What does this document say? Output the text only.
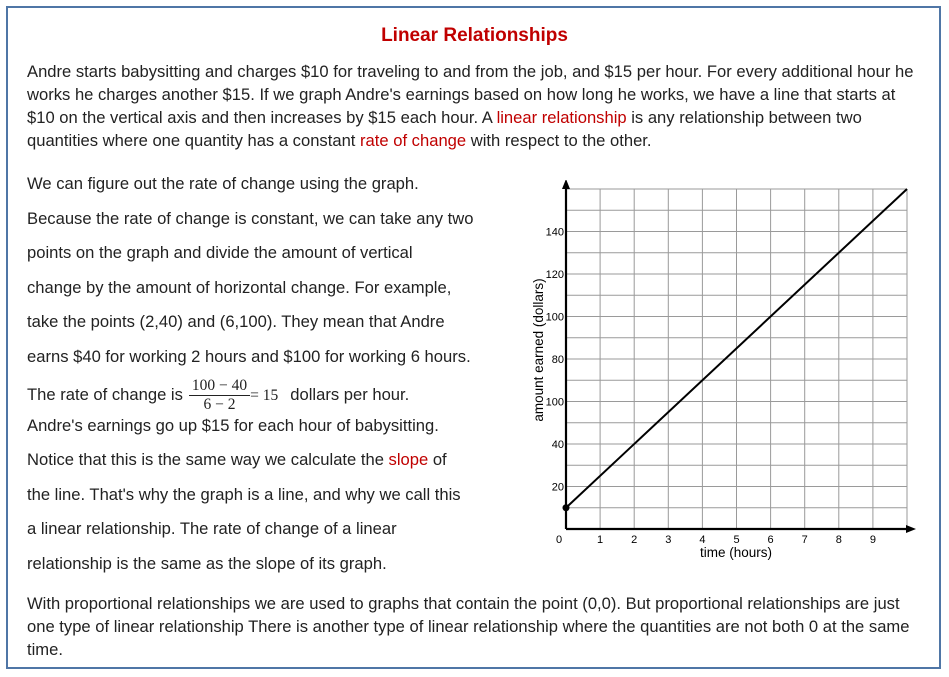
Linear Relationships
Andre starts babysitting and charges $10 for traveling to and from the job, and $15 per hour. For every additional hour he works he charges another $15. If we graph Andre's earnings based on how long he works, we have a line that starts at $10 on the vertical axis and then increases by $15 each hour. A linear relationship is any relationship between two quantities where one quantity has a constant rate of change with respect to the other.
We can figure out the rate of change using the graph.
Because the rate of change is constant, we can take any two
points on the graph and divide the amount of vertical
change by the amount of horizontal change. For example,
take the points (2,40) and (6,100). They mean that Andre
earns $40 for working 2 hours and $100 for working 6 hours.
The rate of change is $\frac{100 - 40}{6 - 2} = 15$ dollars per hour.
Andre's earnings go up $15 for each hour of babysitting.
Notice that this is the same way we calculate the slope of
the line. That's why the graph is a line, and why we call this
a linear relationship. The rate of change of a linear
relationship is the same as the slope of its graph.
1	2	3	4	5	6	7	8	9
20
40
100
80
100
120
140
time (hours)
amount earned (dollars)
0
With proportional relationships we are used to graphs that contain the point (0,0). But proportional relationships are just one type of linear relationship There is another type of linear relationship where the quantities are not both 0 at the same time.
